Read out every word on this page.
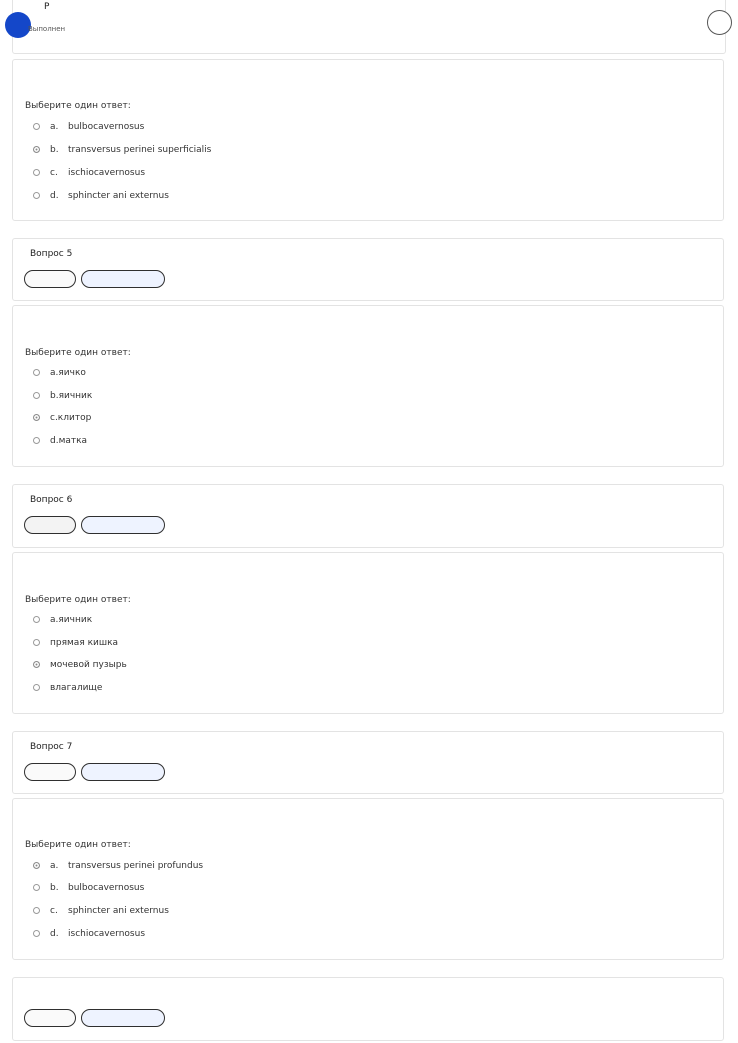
P
Выполнен
Выберите один ответ:
a. bulbocavernosus
b. transversus perinei superficialis
c. ischiocavernosus
d. sphincter ani externus
Вопрос 5
Выберите один ответ:
a.яичко
b.яичник
c.клитор
d.матка
Вопрос 6
Выберите один ответ:
a.яичник
прямая кишка
мочевой пузырь
влагалище
Вопрос 7
Выберите один ответ:
a. transversus perinei profundus
b. bulbocavernosus
c. sphincter ani externus
d. ischiocavernosus
